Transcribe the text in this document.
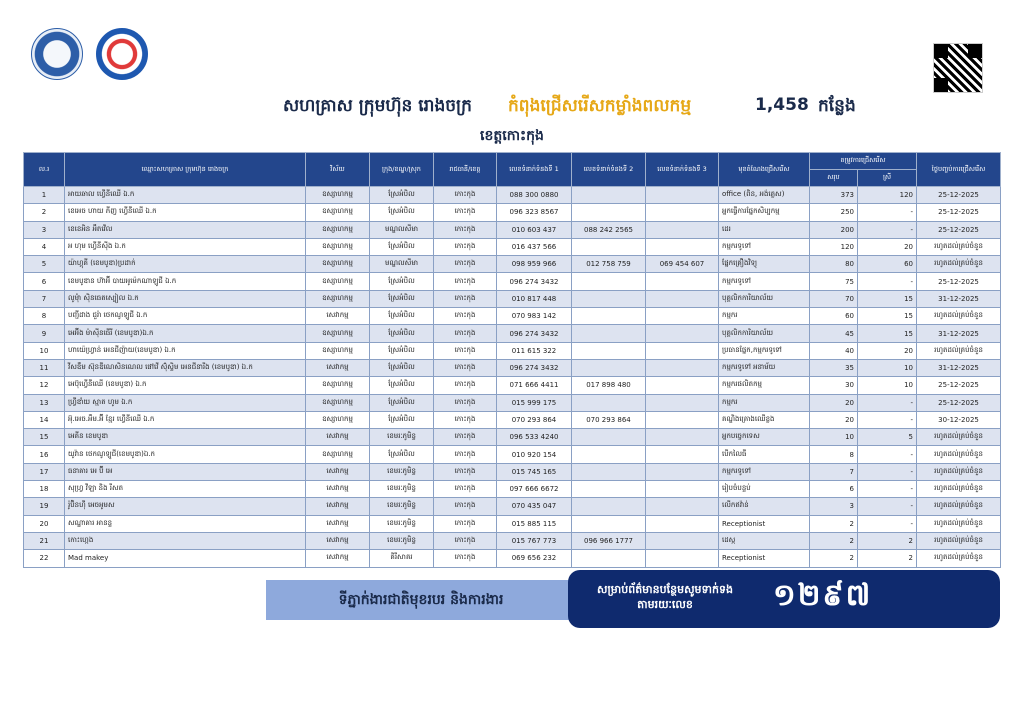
សហគ្រាស ក្រុមហ៊ុន រោងចក្រ កំពុងជ្រើសរើសកម្លាំងពលកម្ម	1,458 កន្លែង
ខេត្តកោះកុង
ល.រ	ឈ្មោះសហគ្រាស ក្រុមហ៊ុន រោងចក្រ	វិស័យ	ក្រុង/ខណ្ឌ/ស្រុក	រាជធានី/ខេត្ត	លេខទំនាក់ទំនងទី 1	លេខទំនាក់ទំនងទី 2	លេខទំនាក់ទំនងទី 3	មុខតំណែងជ្រើសរើស	តម្រូវការជ្រើសរើស		ថ្ងៃបញ្ចប់ការជ្រើសរើស
									សរុប	ស្រី	
1	អាយឆាល ហ្វើនីឈើ ឯ.ក	ឧស្សាហកម្ម	ស្រែអំបិល	កោះកុង	088 300 0880			office (ពិន, អង់គ្លេស)	373	120	25-12-2025
2	ខេអេច ហាយ ភីញ ហ្វើនីឈើ ឯ.ក	ឧស្សាហកម្ម	ស្រែអំបិល	កោះកុង	096 323 8567			អ្នកធ្វើការផ្នែកសិប្បកម្ម	250	-	25-12-2025
3	ខេខេអិន អឹតវើល	ឧស្សាហកម្ម	មណ្ឌលសីមា	កោះកុង	010 603 437	088 242 2565		ដេរ	200	-	25-12-2025
4	អ ហុម ហ្វើនីស៊ីង ឯ.ក	ឧស្សាហកម្ម	ស្រែអំបិល	កោះកុង	016 437 566			កម្មករទូទៅ	120	20	រហូតដល់គ្រប់ចំនួន
5	យ៉ាហ្គុគី (ខេមបូឌា)ប្រដាក់	ឧស្សាហកម្ម	មណ្ឌលសីមា	កោះកុង	098 959 966	012 758 759	069 454 607	ផ្នែកគ្រឿងវិទ្យុ	80	60	រហូតដល់គ្រប់ចំនួន
6	ខេមបូឌាន ហ៊ាអ៊ី បាយអូម៉េកណាឡូជី ឯ.ក	ឧស្សាហកម្ម	ស្រែអំបិល	កោះកុង	096 274 3432			កម្មករទូទៅ	75	-	25-12-2025
7	លូមុំា ស៊ិនធេតស្បៀល ឯ.ក	ឧស្សាហកម្ម	ស្រែអំបិល	កោះកុង	010 817 448			បុគ្គលិកការិយាល័យ	70	15	31-12-2025
8	បញ្ជីដាង ជួរ៉ា ថេកណូឡូជី ឯ.ក	សេវាកម្ម	ស្រែអំបិល	កោះកុង	070 983 142			កម្មករ	60	15	រហូតដល់គ្រប់ចំនួន
9	អេអ៊ីង ម៉ាស៊ីនធើរី (ខេមបូឌា)ឯ.ក	ឧស្សាហកម្ម	ស្រែអំបិល	កោះកុង	096 274 3432			បុគ្គលិកការិយាល័យ	45	15	31-12-2025
10	ហាយ៉េហ្រ្វាន់ អេនជីញ៉ាយ(ខេមបូឌា) ឯ.ក	ឧស្សាហកម្ម	ស្រែអំបិល	កោះកុង	011 615 322			ប្រធានផ្នែក,កម្មករទូទៅ	40	20	រហូតដល់គ្រប់ចំនួន
11	វីសឌឹម ស៊ុនឌីណេសិនណេល ផៅវើ ស៊ុំស្ទិម អេនជីនារីង (ខេមបូឌា) ឯ.ក	សេវាកម្ម	ស្រែអំបិល	កោះកុង	096 274 3432			កម្មករទូទៅ អនាម័យ	35	10	31-12-2025
12	អេប៊ុហ្វើនីឈើ (ខេមបូឌា) ឯ.ក	ឧស្សាហកម្ម	ស្រែអំបិល	កោះកុង	071 666 4411	017 898 480		កម្មករផលិតកម្ម	30	10	25-12-2025
13	ហ្វ្រីឌាំយ ស្មាត ហូម ឯ.ក	ឧស្សាហកម្ម	ស្រែអំបិល	កោះកុង	015 999 175			កម្មករ	20	-	25-12-2025
14	អ៊ុ.អេច.អឹម.អ៊ី ខ្មែរ ហ្វើនីឈើ ឯ.ក	ឧស្សាហកម្ម	ស្រែអំបិល	កោះកុង	070 293 864	070 293 864		គណ្ឌិងគ្រោងឈើខ្លង	20	-	30-12-2025
15	អេគីន ខេមបូឌា	សេវាកម្ម	ខេមរៈភូមិន្ទ	កោះកុង	096 533 4240			អ្នកបច្ចេកទេស	10	5	រហូតដល់គ្រប់ចំនួន
16	យូវ៉ាន ថេកណូឡូជី(ខេមបូឌា)ឯ.ក	ឧស្សាហកម្ម	ស្រែអំបិល	កោះកុង	010 920 154			បើកលៃធី	8	-	រហូតដល់គ្រប់ចំនួន
17	ធនាគារ អេ ប៊ី អេ	សេវាកម្ម	ខេមរៈភូមិន្ទ	កោះកុង	015 745 165			កម្មករទូទៅ	7	-	រហូតដល់គ្រប់ចំនួន
18	សុហ្វ្រ វីឡា និង រីសត	សេវាកម្ម	ខេមរៈភូមិន្ទ	កោះកុង	097 666 6672			រៀបចំបន្ទប់	6	-	រហូតដល់គ្រប់ចំនួន
19	រ៉ូប៊ិនហ៊ី អេចអូមស	សេវាកម្ម	ខេមរៈភូមិន្ទ	កោះកុង	070 435 047			លើកឥវ៉ាន់	3	-	រហូតដល់គ្រប់ចំនួន
20	សណ្ឋាគារ អានន្ទ	សេវាកម្ម	ខេមរៈភូមិន្ទ	កោះកុង	015 885 115			Receptionist	2	-	រហូតដល់គ្រប់ចំនួន
21	កោះហ្កេង	សេវាកម្ម	ខេមរៈភូមិន្ទ	កោះកុង	015 767 773	096 966 1777		ដេស្ក	2	2	រហូតដល់គ្រប់ចំនួន
22	Mad makey	សេវាកម្ម	គិរីសាគរ	កោះកុង	069 656 232			Receptionist	2	2	រហូតដល់គ្រប់ចំនួន
ទីភ្នាក់ងារជាតិមុខរបរ និងការងារ
សម្រាប់ព័ត៌មានបន្ថែមសូមទាក់ទងតាមរយៈលេខ	១២៩៧
